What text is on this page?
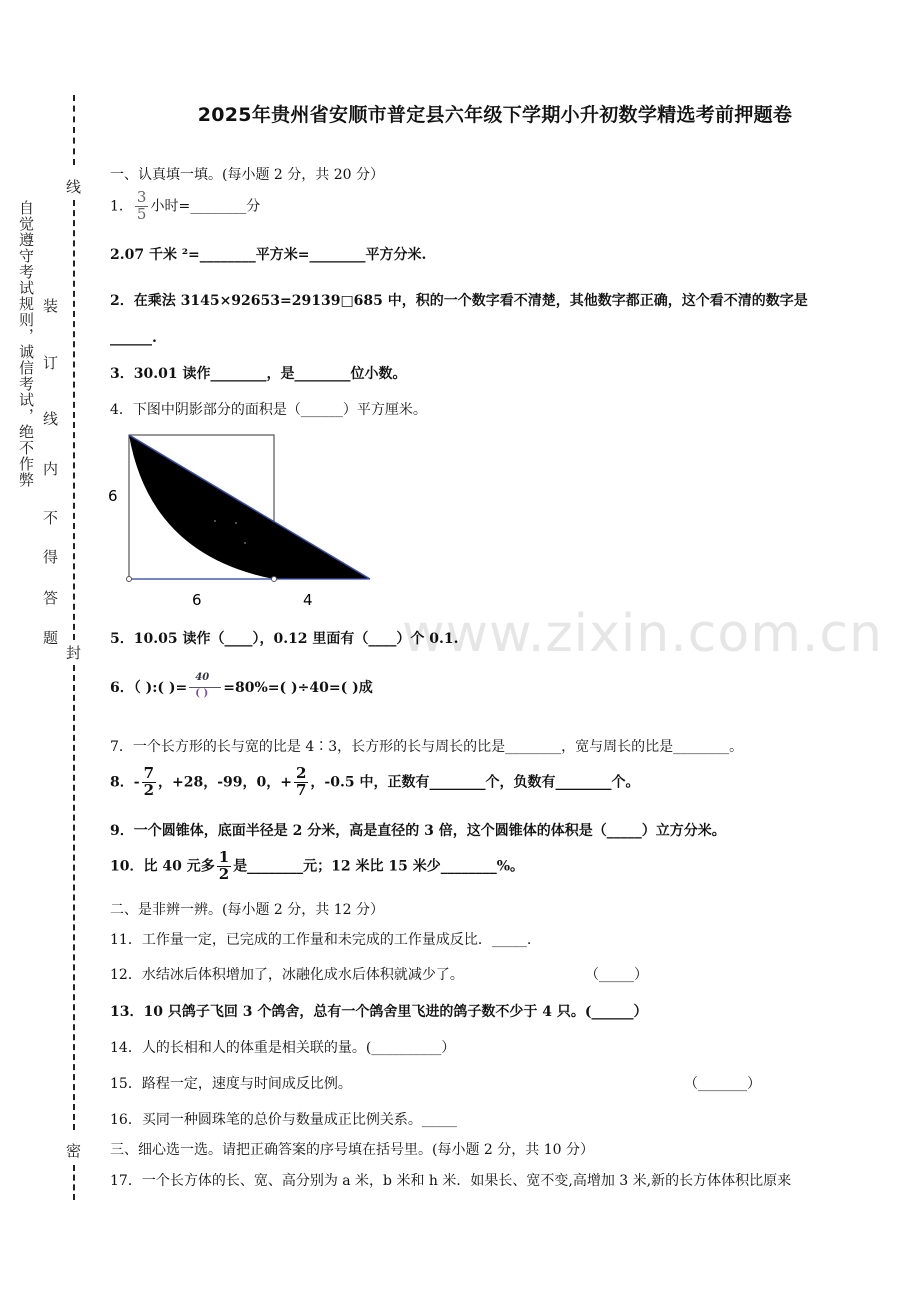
线
封
密
自觉遵守考试规则，诚信考试，绝不作弊 装
订
线
内
不
得
答
题	www.zixin.com.cn
2025年贵州省安顺市普定县六年级下学期小升初数学精选考前押题卷
一、认真填一填。(每小题 2 分，共 20 分）
1． $\frac{3}{5}$ 小时=________分
2.07 千米 ²=________平方米=________平方分米.
2．在乘法 3145×92653=29139□685 中，积的一个数字看不清楚，其他数字都正确，这个看不清的数字是
______.
3．30.01 读作________，是________位小数。
4．下图中阴影部分的面积是（______）平方厘米。
6
6	4
5．10.05 读作（____），0.12 里面有（____）个 0.1.
6．（ ):( )=
40
( ) =80%=( )÷40=( )成
7．一个长方形的长与宽的比是 4∶3，长方形的长与周长的比是________，宽与周长的比是________。
8．- $\frac{7}{2}$ ，+28，-99，0，+ $\frac{2}{7}$ ，-0.5 中，正数有________个，负数有________个。
9．一个圆锥体，底面半径是 2 分米，高是直径的 3 倍，这个圆锥体的体积是（_____）立方分米。
10．比 40 元多 $\frac{1}{2}$ 是________元；12 米比 15 米少________%。
二、是非辨一辨。(每小题 2 分，共 12 分）
11．工作量一定，已完成的工作量和未完成的工作量成反比．_____.
12．水结冰后体积增加了，冰融化成水后体积就减少了。	（_____）
13．10 只鸽子飞回 3 个鸽舍，总有一个鸽舍里飞进的鸽子数不少于 4 只。(______）
14．人的长相和人的体重是相关联的量。(__________）
15．路程一定，速度与时间成反比例。	（_______）
16．买同一种圆珠笔的总价与数量成正比例关系。_____
三、细心选一选。请把正确答案的序号填在括号里。(每小题 2 分，共 10 分）
17．一个长方体的长、宽、高分别为 a 米，b 米和 h 米．如果长、宽不变,高增加 3 米,新的长方体体积比原来
